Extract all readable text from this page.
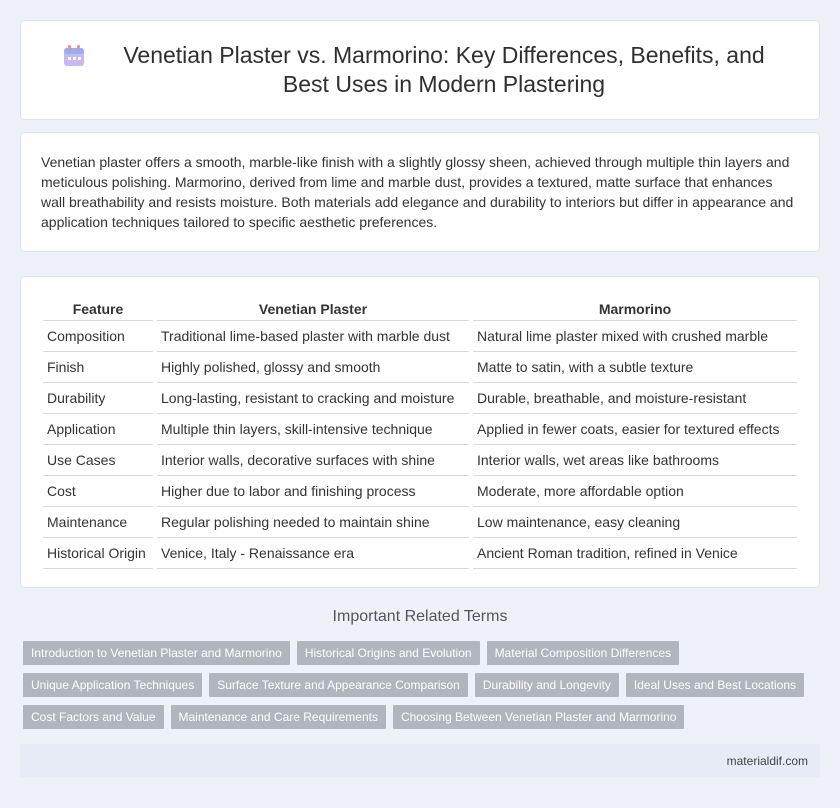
Venetian Plaster vs. Marmorino: Key Differences, Benefits, and Best Uses in Modern Plastering

Venetian plaster offers a smooth, marble-like finish with a slightly glossy sheen, achieved through multiple thin layers and meticulous polishing. Marmorino, derived from lime and marble dust, provides a textured, matte surface that enhances wall breathability and resists moisture. Both materials add elegance and durability to interiors but differ in appearance and application techniques tailored to specific aesthetic preferences.

Feature	Venetian Plaster	Marmorino
Composition	Traditional lime-based plaster with marble dust	Natural lime plaster mixed with crushed marble
Finish	Highly polished, glossy and smooth	Matte to satin, with a subtle texture
Durability	Long-lasting, resistant to cracking and moisture	Durable, breathable, and moisture-resistant
Application	Multiple thin layers, skill-intensive technique	Applied in fewer coats, easier for textured effects
Use Cases	Interior walls, decorative surfaces with shine	Interior walls, wet areas like bathrooms
Cost	Higher due to labor and finishing process	Moderate, more affordable option
Maintenance	Regular polishing needed to maintain shine	Low maintenance, easy cleaning
Historical Origin	Venice, Italy - Renaissance era	Ancient Roman tradition, refined in Venice
Important Related Terms
Introduction to Venetian Plaster and Marmorino	Historical Origins and Evolution	Material Composition Differences
Unique Application Techniques	Surface Texture and Appearance Comparison	Durability and Longevity	Ideal Uses and Best Locations
Cost Factors and Value	Maintenance and Care Requirements	Choosing Between Venetian Plaster and Marmorino
materialdif.com
